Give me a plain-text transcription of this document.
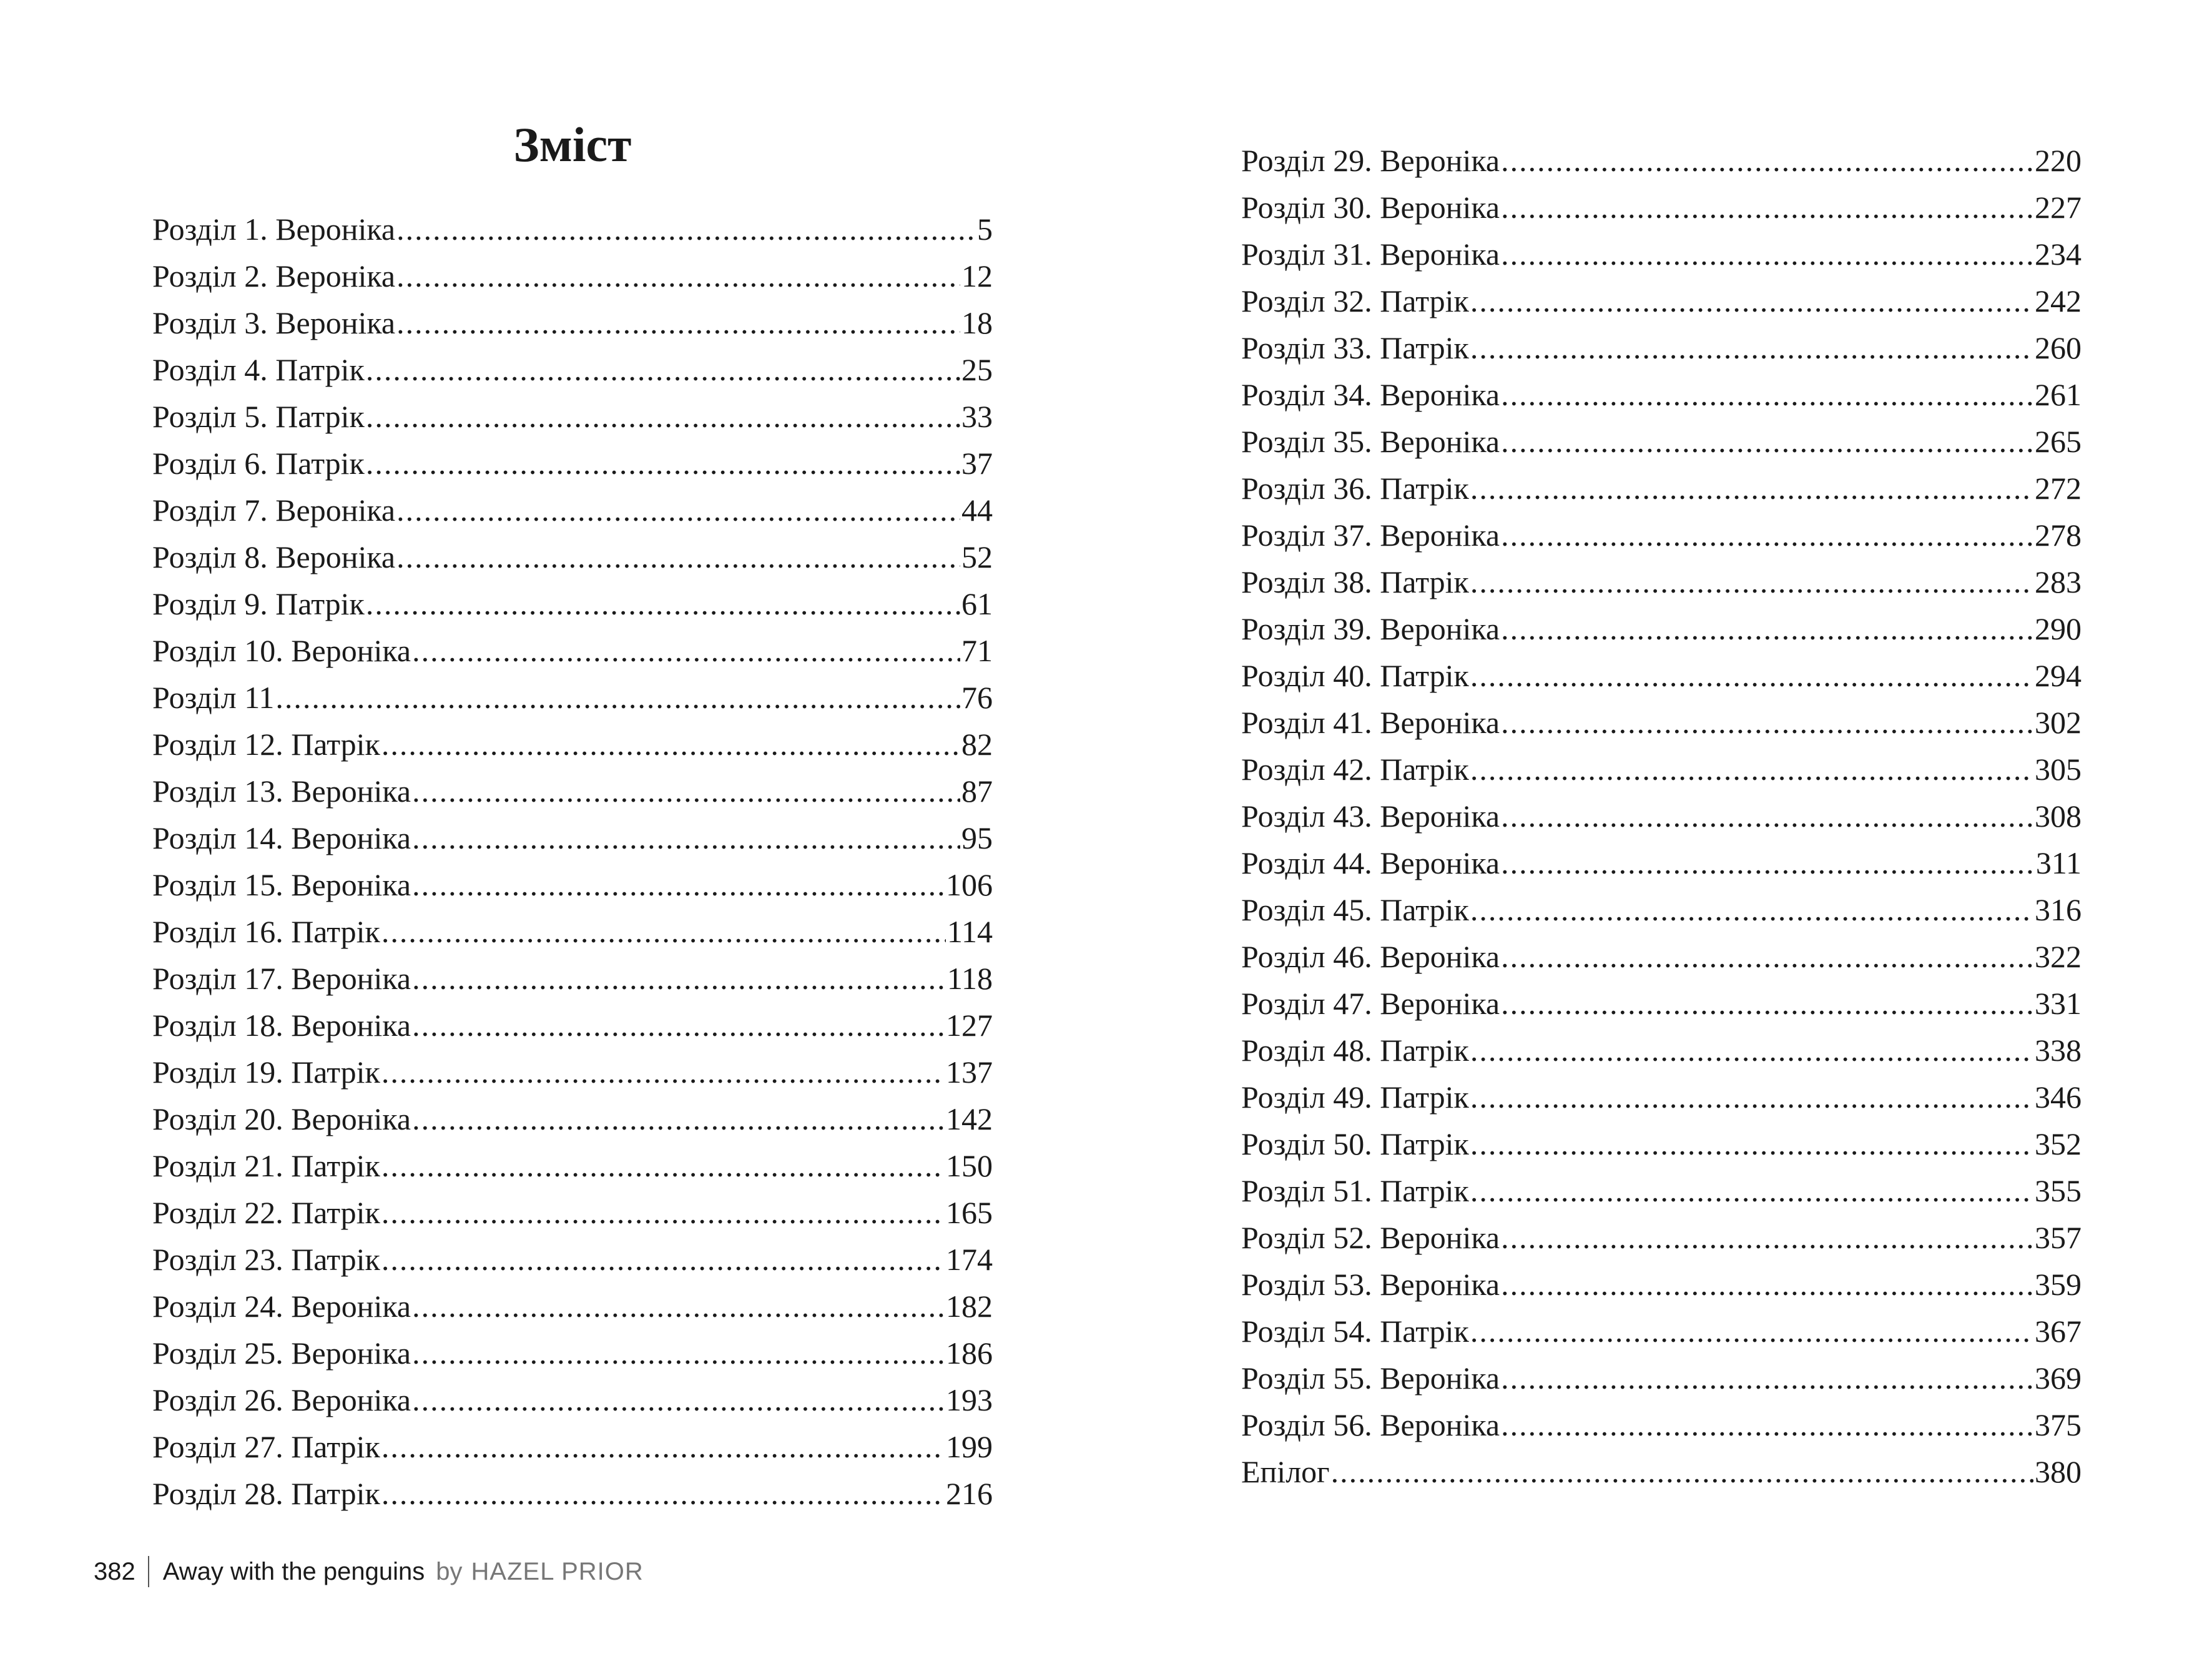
Зміст
Розділ 1. Вероніка .....	5
Розділ 2. Вероніка .....	12
Розділ 3. Вероніка .....	18
Розділ 4. Патрік .....	25
Розділ 5. Патрік .....	33
Розділ 6. Патрік .....	37
Розділ 7. Вероніка .....	44
Розділ 8. Вероніка .....	52
Розділ 9. Патрік .....	61
Розділ 10. Вероніка .....	71
Розділ 11 .....	76
Розділ 12. Патрік .....	82
Розділ 13. Вероніка .....	87
Розділ 14. Вероніка .....	95
Розділ 15. Вероніка .....	106
Розділ 16. Патрік .....	114
Розділ 17. Вероніка .....	118
Розділ 18. Вероніка .....	127
Розділ 19. Патрік .....	137
Розділ 20. Вероніка .....	142
Розділ 21. Патрік .....	150
Розділ 22. Патрік .....	165
Розділ 23. Патрік .....	174
Розділ 24. Вероніка .....	182
Розділ 25. Вероніка .....	186
Розділ 26. Вероніка .....	193
Розділ 27. Патрік .....	199
Розділ 28. Патрік .....	216
Розділ 29. Вероніка .....	220
Розділ 30. Вероніка .....	227
Розділ 31. Вероніка .....	234
Розділ 32. Патрік .....	242
Розділ 33. Патрік .....	260
Розділ 34. Вероніка .....	261
Розділ 35. Вероніка .....	265
Розділ 36. Патрік .....	272
Розділ 37. Вероніка .....	278
Розділ 38. Патрік .....	283
Розділ 39. Вероніка .....	290
Розділ 40. Патрік .....	294
Розділ 41. Вероніка .....	302
Розділ 42. Патрік .....	305
Розділ 43. Вероніка .....	308
Розділ 44. Вероніка .....	311
Розділ 45. Патрік .....	316
Розділ 46. Вероніка .....	322
Розділ 47. Вероніка .....	331
Розділ 48. Патрік .....	338
Розділ 49. Патрік .....	346
Розділ 50. Патрік .....	352
Розділ 51. Патрік .....	355
Розділ 52. Вероніка .....	357
Розділ 53. Вероніка .....	359
Розділ 54. Патрік .....	367
Розділ 55. Вероніка .....	369
Розділ 56. Вероніка .....	375
Епілог .....	380
382 Away with the penguins by HAZEL PRIOR
